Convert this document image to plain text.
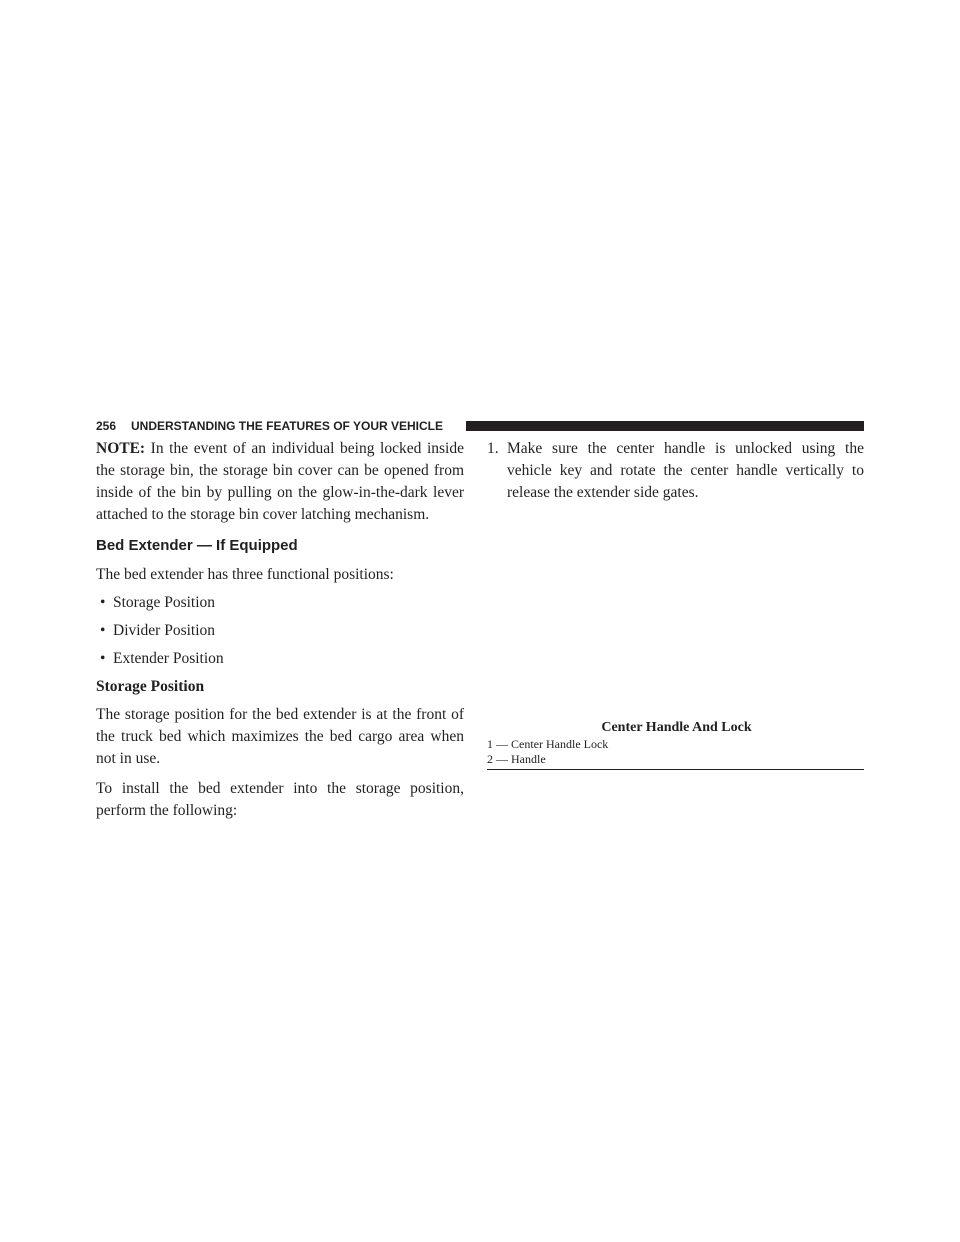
256 UNDERSTANDING THE FEATURES OF YOUR VEHICLE

NOTE: In the event of an individual being locked inside the storage bin, the storage bin cover can be opened from inside of the bin by pulling on the glow-in-the-dark lever attached to the storage bin cover latching mechanism.

Bed Extender — If Equipped

The bed extender has three functional positions:

• Storage Position
• Divider Position
• Extender Position
Storage Position

The storage position for the bed extender is at the front of the truck bed which maximizes the bed cargo area when not in use.

To install the bed extender into the storage position, perform the following:

1. Make sure the center handle is unlocked using the vehicle key and rotate the center handle vertically to release the extender side gates.

Center Handle And Lock
1 — Center Handle Lock
2 — Handle
